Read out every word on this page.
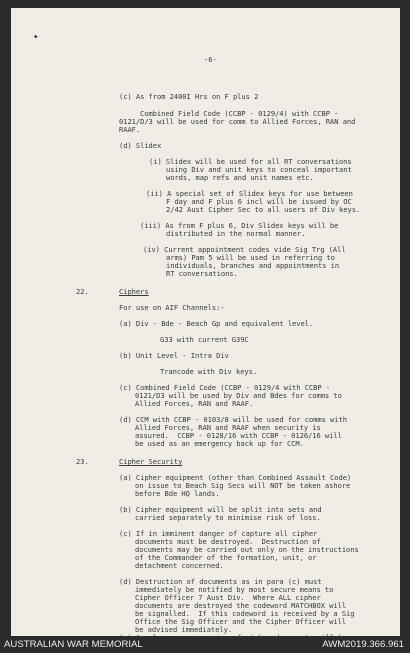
✦
-6-
(c) As from 2400I Hrs on F plus 2
Combined Field Code (CCBP - 0129/4) with CCBP -
0121/D/3 will be used for comm to Allied Forces, RAN and
RAAF.
(d) Slidex
(i) Slidex will be used for all RT conversations
using Div and unit keys to conceal important
words, map refs and unit names etc.
(ii) A special set of Slidex keys for use between
F day and F plus 6 incl will be issued by OC
2/42 Aust Cipher Sec to all users of Div keys.
(iii) As from F plus 6, Div Slidex keys will be
distributed in the normal manner.
(iv) Current appointment codes vide Sig Trg (All
arms) Pam 5 will be used in referring to
individuals, branches and appointments in
RT conversations.
22.	Ciphers
For use on AIF Channels:-
(a) Div - Bde - Beach Gp and equivalent level.
G33 with current G39C
(b) Unit Level - Intra Div
Trancode with Div keys.
(c) Combined Field Code (CCBP - 0129/4 with CCBP -
0121/D3 will be used by Div and Bdes for comms to
Allied Forces, RAN and RAAF.
(d) CCM with CCBP - 0103/8 will be used for comms with
Allied Forces, RAN and RAAF when security is
assured.  CCBP - 0128/16 with CCBP - 0126/16 will
be used as an emergency back up for CCM.
23.	Cipher Security
(a) Cipher equipment (other than Combined Assault Code)
on issue to Beach Sig Secs will NOT be taken ashore
before Bde HQ lands.
(b) Cipher equipment will be split into sets and
carried separately to minimise risk of loss.
(c) If in imminent danger of capture all cipher
documents must be destroyed.  Destruction of
documents may be carried out only on the instructions
of the Commander of the formation, unit, or
detachment concerned.
(d) Destruction of documents as in para (c) must
immediately be notified by most secure means to
Cipher Officer 7 Aust Div.  Where ALL cipher
documents are destroyed the codeword MATCHBOX will
be signalled.  If this codeword is received by a Sig
Office the Sig Officer and the Cipher Officer will
be advised immediately.
AUSTRALIAN WAR MEMORIAL	AWM2019.366.961
